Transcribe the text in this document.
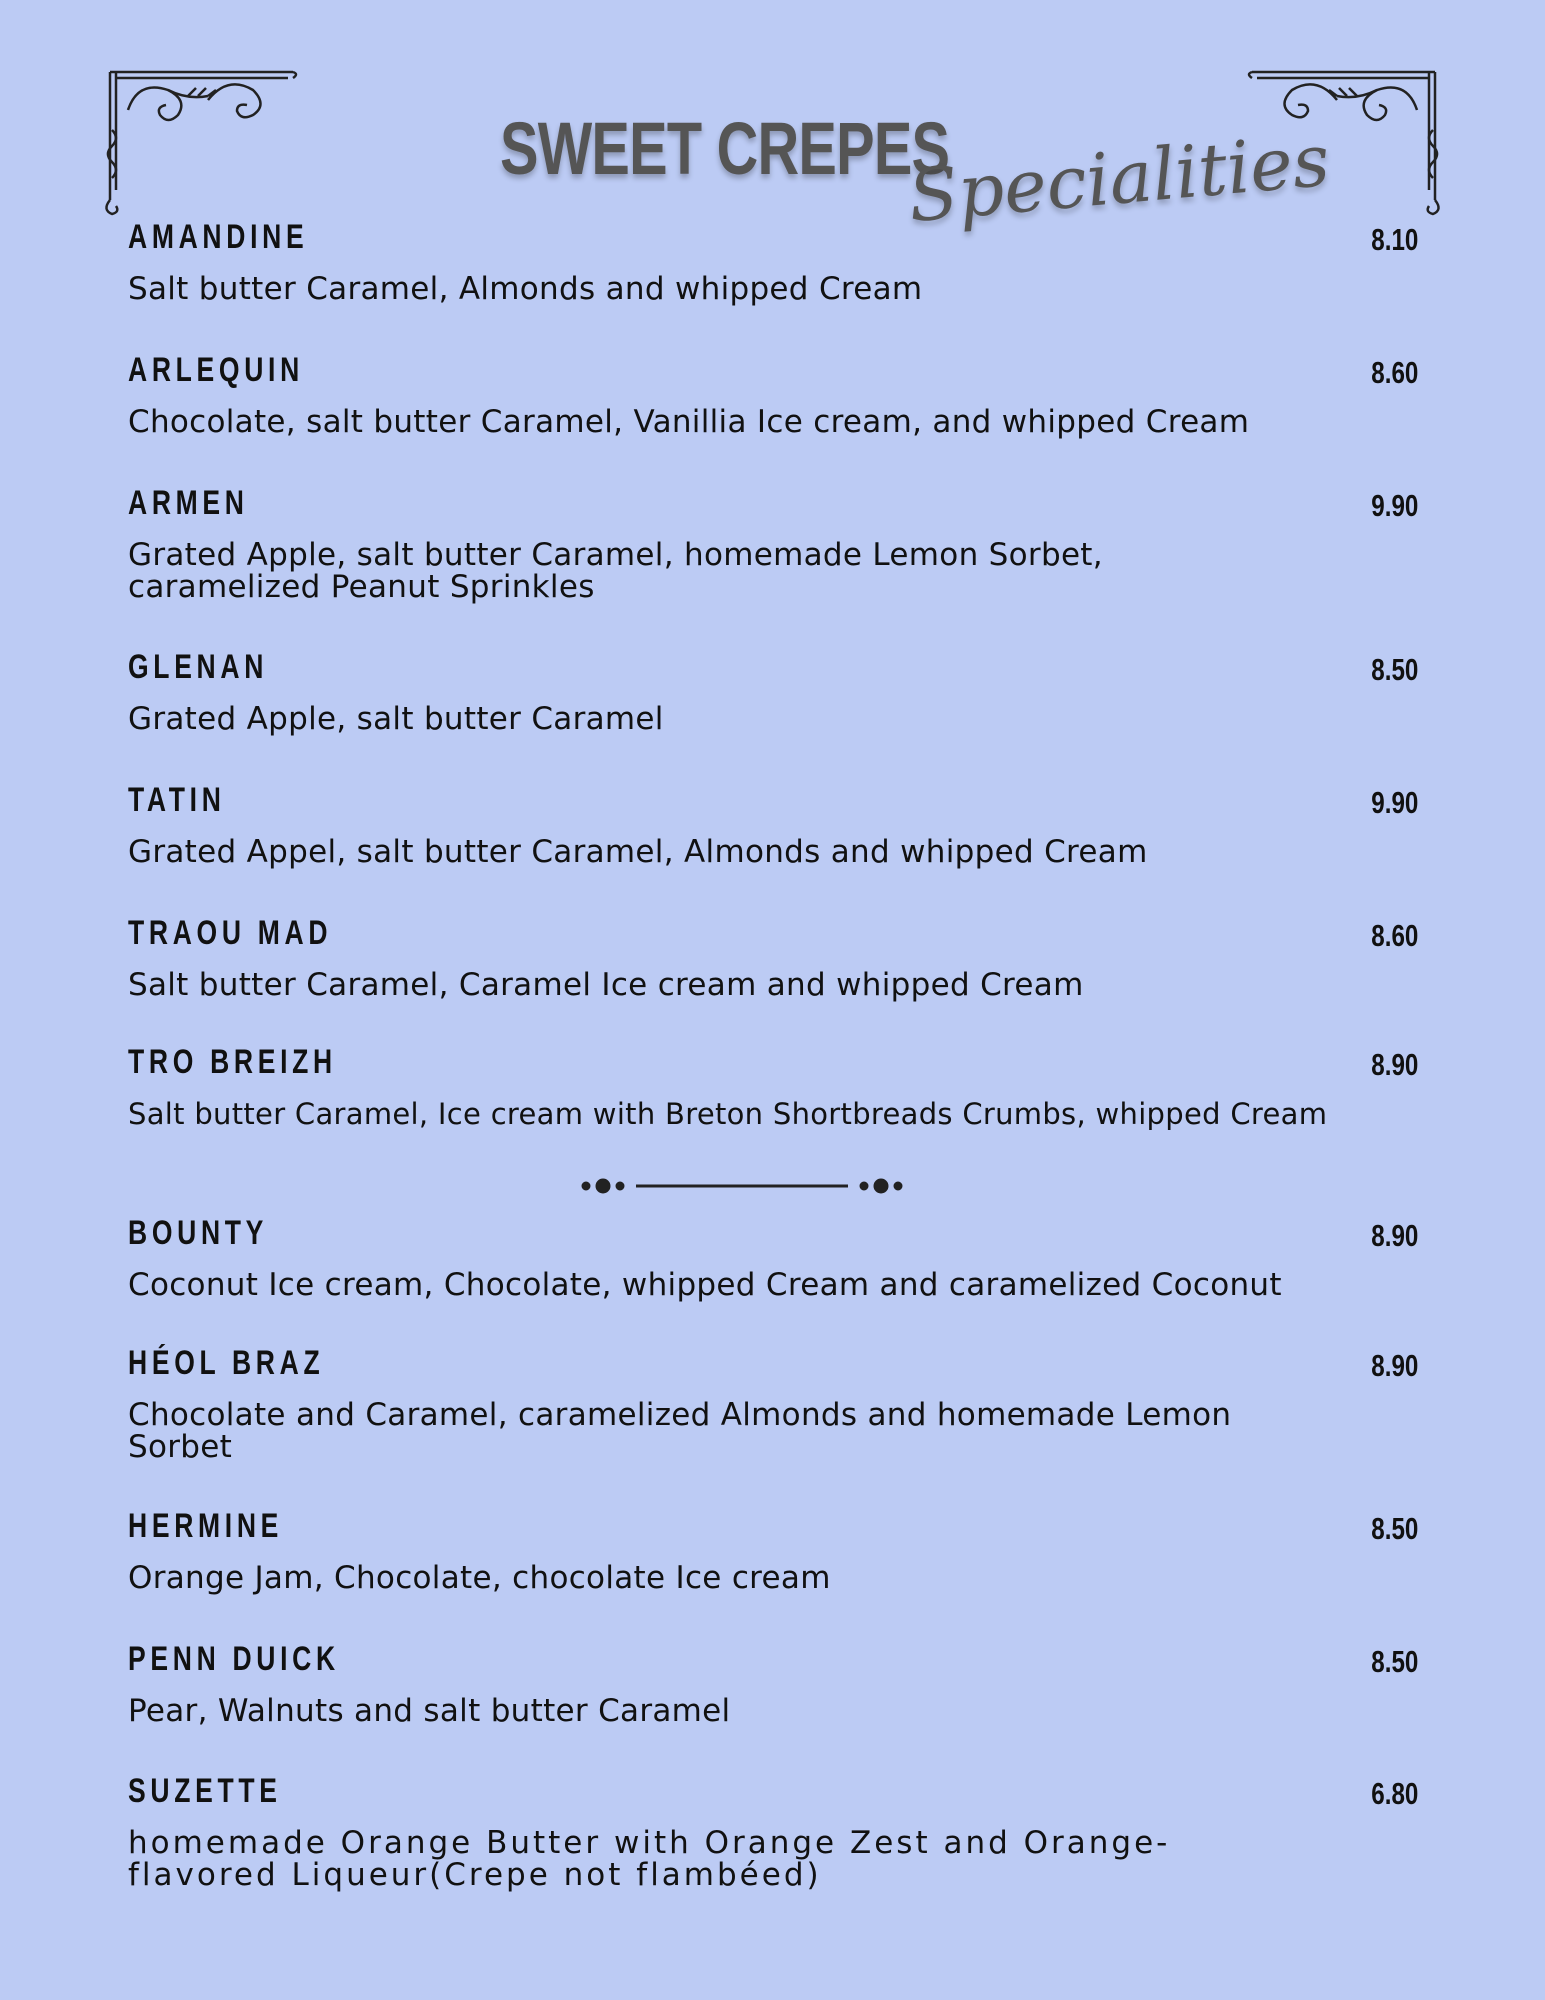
SWEET CREPES
Specialities
AMANDINE	8.10
Salt butter Caramel, Almonds and whipped Cream
ARLEQUIN	8.60
Chocolate, salt butter Caramel, Vanillia Ice cream, and whipped Cream
ARMEN	9.90
Grated Apple, salt butter Caramel, homemade Lemon Sorbet, caramelized Peanut Sprinkles
GLENAN	8.50
Grated Apple, salt butter Caramel
TATIN	9.90
Grated Appel, salt butter Caramel, Almonds and whipped Cream
TRAOU MAD	8.60
Salt butter Caramel, Caramel Ice cream and whipped Cream
TRO BREIZH	8.90
Salt butter Caramel, Ice cream with Breton Shortbreads Crumbs, whipped Cream
BOUNTY	8.90
Coconut Ice cream, Chocolate, whipped Cream and caramelized Coconut
HÉOL BRAZ	8.90
Chocolate and Caramel, caramelized Almonds and homemade Lemon Sorbet
HERMINE	8.50
Orange Jam, Chocolate, chocolate Ice cream
PENN DUICK	8.50
Pear, Walnuts and salt butter Caramel
SUZETTE	6.80
homemade Orange Butter with Orange Zest and Orange-flavored Liqueur(Crepe not flambéed)
